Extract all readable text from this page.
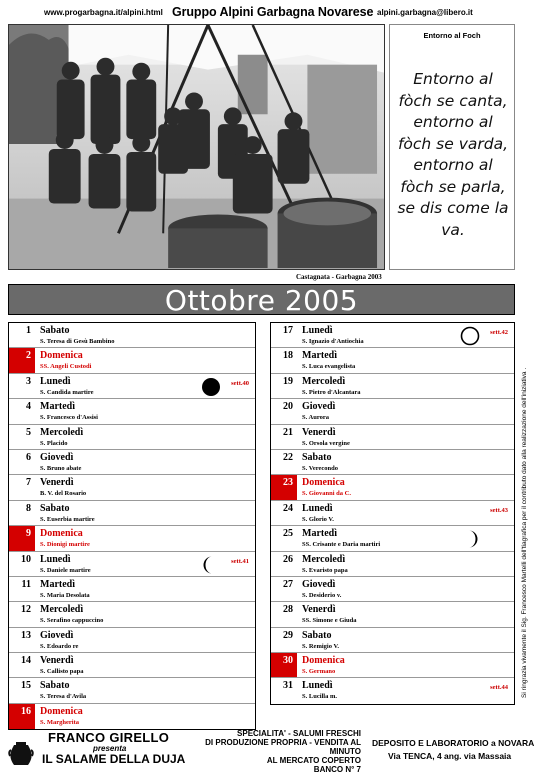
www.progarbagna.it/alpini.html Gruppo Alpini Garbagna Novarese alpini.garbagna@libero.it
Entorno al Foch
Entorno al
fòch se canta,
entorno al
fòch se varda,
entorno al
fòch se parla,
se dis come la
va.
Castagnata - Garbagna 2003
Ottobre 2005
1 Sabato
S. Teresa di Gesù Bambino
2 Domenica
SS. Angeli Custodi
3 Lunedì
S. Candida martire
sett.40
4 Martedì
S. Francesco d'Assisi
5 Mercoledì
S. Placido
6 Giovedì
S. Bruno abate
7 Venerdì
B. V. del Rosario
8 Sabato
S. Euserbia martire
9 Domenica
S. Dionigi martire
10 Lunedì
S. Daniele martire
sett.41
11 Martedì
S. Maria Desolata
12 Mercoledì
S. Serafino cappuccino
13 Giovedì
S. Edoardo re
14 Venerdì
S. Callisto papa
15 Sabato
S. Teresa d'Avila
16 Domenica
S. Margherita
17 Lunedì
S. Ignazio d'Antiochia
sett.42
18 Martedì
S. Luca evangelista
19 Mercoledì
S. Pietro d'Alcantara
20 Giovedì
S. Aurora
21 Venerdì
S. Orsola vergine
22 Sabato
S. Verecondo
23 Domenica
S. Giovanni da C.
24 Lunedì
S. Glorio V.
sett.43
25 Martedì
SS. Crisante e Daria martiri
26 Mercoledì
S. Evaristo papa
27 Giovedì
S. Desiderio v.
28 Venerdì
SS. Simone e Giuda
29 Sabato
S. Remigio V.
30 Domenica
S. Germano
31 Lunedì
S. Lucilla m.
sett.44 Si ringrazia vivamente il Sig. Francesco Martelli dell'tiagrafica per il contributo dato alla realizzazione dell'iniziativa .
FRANCO GIRELLO
presenta
IL SALAME DELLA DUJA
SPECIALITA' - SALUMI FRESCHI
DI PRODUZIONE PROPRIA - VENDITA AL MINUTO
AL MERCATO COPERTO
BANCO N° 7
DEPOSITO E LABORATORIO a NOVARA
Via TENCA, 4 ang. via Massaia
